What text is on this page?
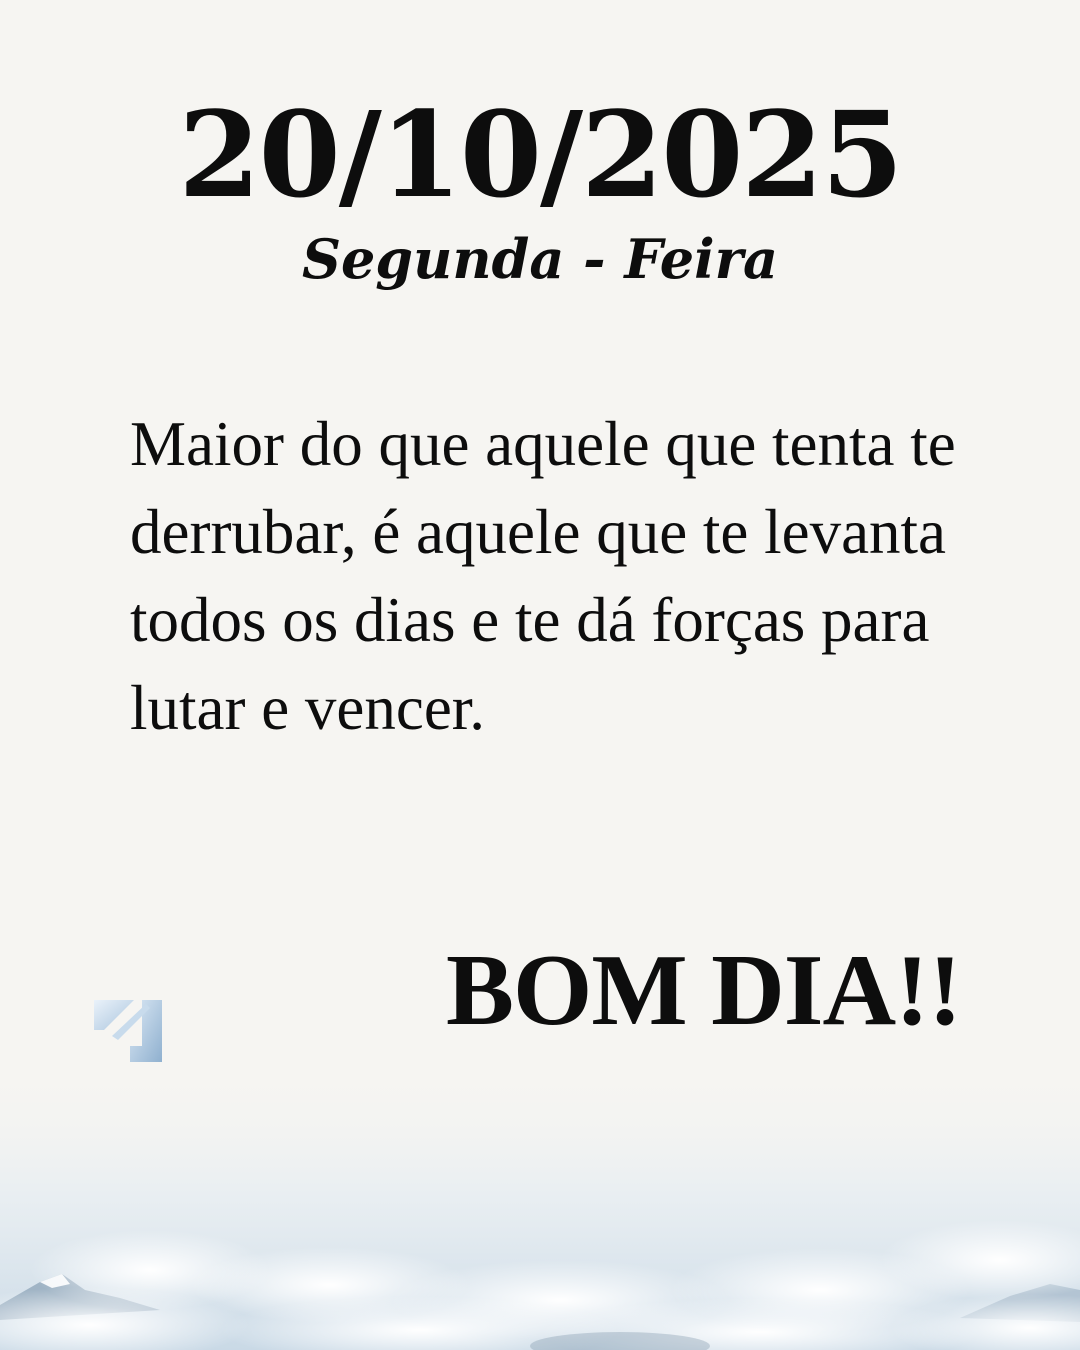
20/10/2025
Segunda - Feira

Maior do que aquele que tenta te derrubar, é aquele que te levanta todos os dias e te dá forças para lutar e vencer.

BOM DIA!!
